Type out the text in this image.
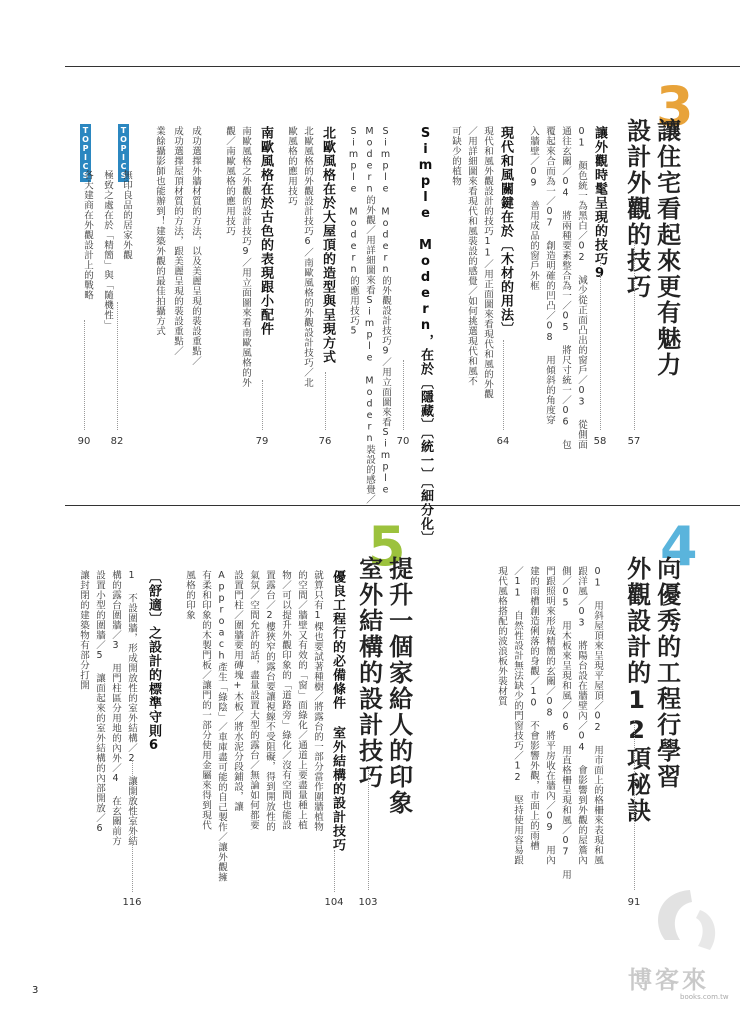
3
讓住宅看起來更有魅力
設計外觀的技巧
57
讓外觀時髦呈現的技巧9
01 顏色統一為黑白／02 減少從正面凸出的窗戶／03 從側面
通往玄關／04 將兩種要素整合為一／05 將尺寸統一／06 包
覆起來合而為一／07 創造明確的凹凸／08 用傾斜的角度穿
入牆壁／09 善用成品的窗戶外框
58
現代和風關鍵在於〔木材的用法〕
現代和風外觀設計的技巧11／用正面圖來看現代和風的外觀
／用詳細圖來看現代和風裝設的感覺／如何挑選現代和風不
可缺少的植物
64
Simple Modern，在於〔隱藏〕〔統一〕〔細分化〕
Simple Modern的外觀設計技巧9／用立面圖來看Simple
Modern的外觀／用詳細圖來看Simple Modern裝設的感覺／
Simple Modern的應用技巧5
70
北歐風格在於大屋頂的造型與呈現方式
北歐風格的外觀設計技巧6／南歐風格的外觀設計技巧／北
歐風格的應用技巧
76
南歐風格在於古色的表現跟小配件
南歐風格之外觀的設計技巧9／用立面圖來看南歐風格的外
觀／南歐風格的應用技巧
79
成功選擇外牆材質的方法，以及美麗呈現的裝設重點／
成功選擇屋頂材質的方法，跟美麗呈現的裝設重點／
業餘攝影師也能辦到！建築外觀的最佳拍攝方式
TOPICS
無印良品的居家外觀
極致之處在於「精簡」與「隨機性」
82
TOPICS
各大建商在外觀設計上的戰略
90
4
向優秀的工程行學習
外觀設計的12項秘訣
01 用斜屋頂來呈現平屋頂／02 用市面上的格柵來表現和風
跟洋風／03 將陽台設在牆壁內／04 會影響到外觀的屋簷內
側／05 用木板來呈現和風／06 用直格柵呈現和風／07 用
門跟照明來形成精簡的玄關／08 將平房收在牆內／09 用內
建的雨槽創造俐落的身觀／10 不會影響外觀，市面上的雨槽
／11 自然性設計無法缺少的門窗技巧／12 堅持使用容易跟
現代風格搭配的波浪板外裝材質
91
5
提升一個家給人的印象
室外結構的設計技巧
103
優良工程行的必備條件 室外結構的設計技巧
就算只有1棵也要試著種樹／將露台的一部分當作圍牆植物
的空間／牆壁又有效的「窗」面綠化／通道上要盡量種上植
物／可以提升外觀印象的「道路旁」綠化／沒有空間也能設
置露台／2樓狹窄的露台要讓視線不受阻礙，得到開放性的
氣氛／空間允許的話，盡量設置大型的露台／無論如何都要
設置門柱／圍牆要用磚塊+木板／將水泥分段鋪設，讓
Approach產生「綠陰」／車庫盡可能的自己製作／讓外觀擁
有柔和印象的木製門板／讓門的一部分使用金屬來得到現代
風格的印象
104
〔舒適〕之設計的標準守則6
1 不設圍牆，形成開放性的室外結構／2 讓開放性室外結
構的露台圍牆／3 用門柱區分用地的內外／4 在玄關前方
設置小型的圍牆／5 讓面起來的室外結構的內部開放／6
讓封閉的建築物有部分打開
116
博客來
books.com.tw
3
